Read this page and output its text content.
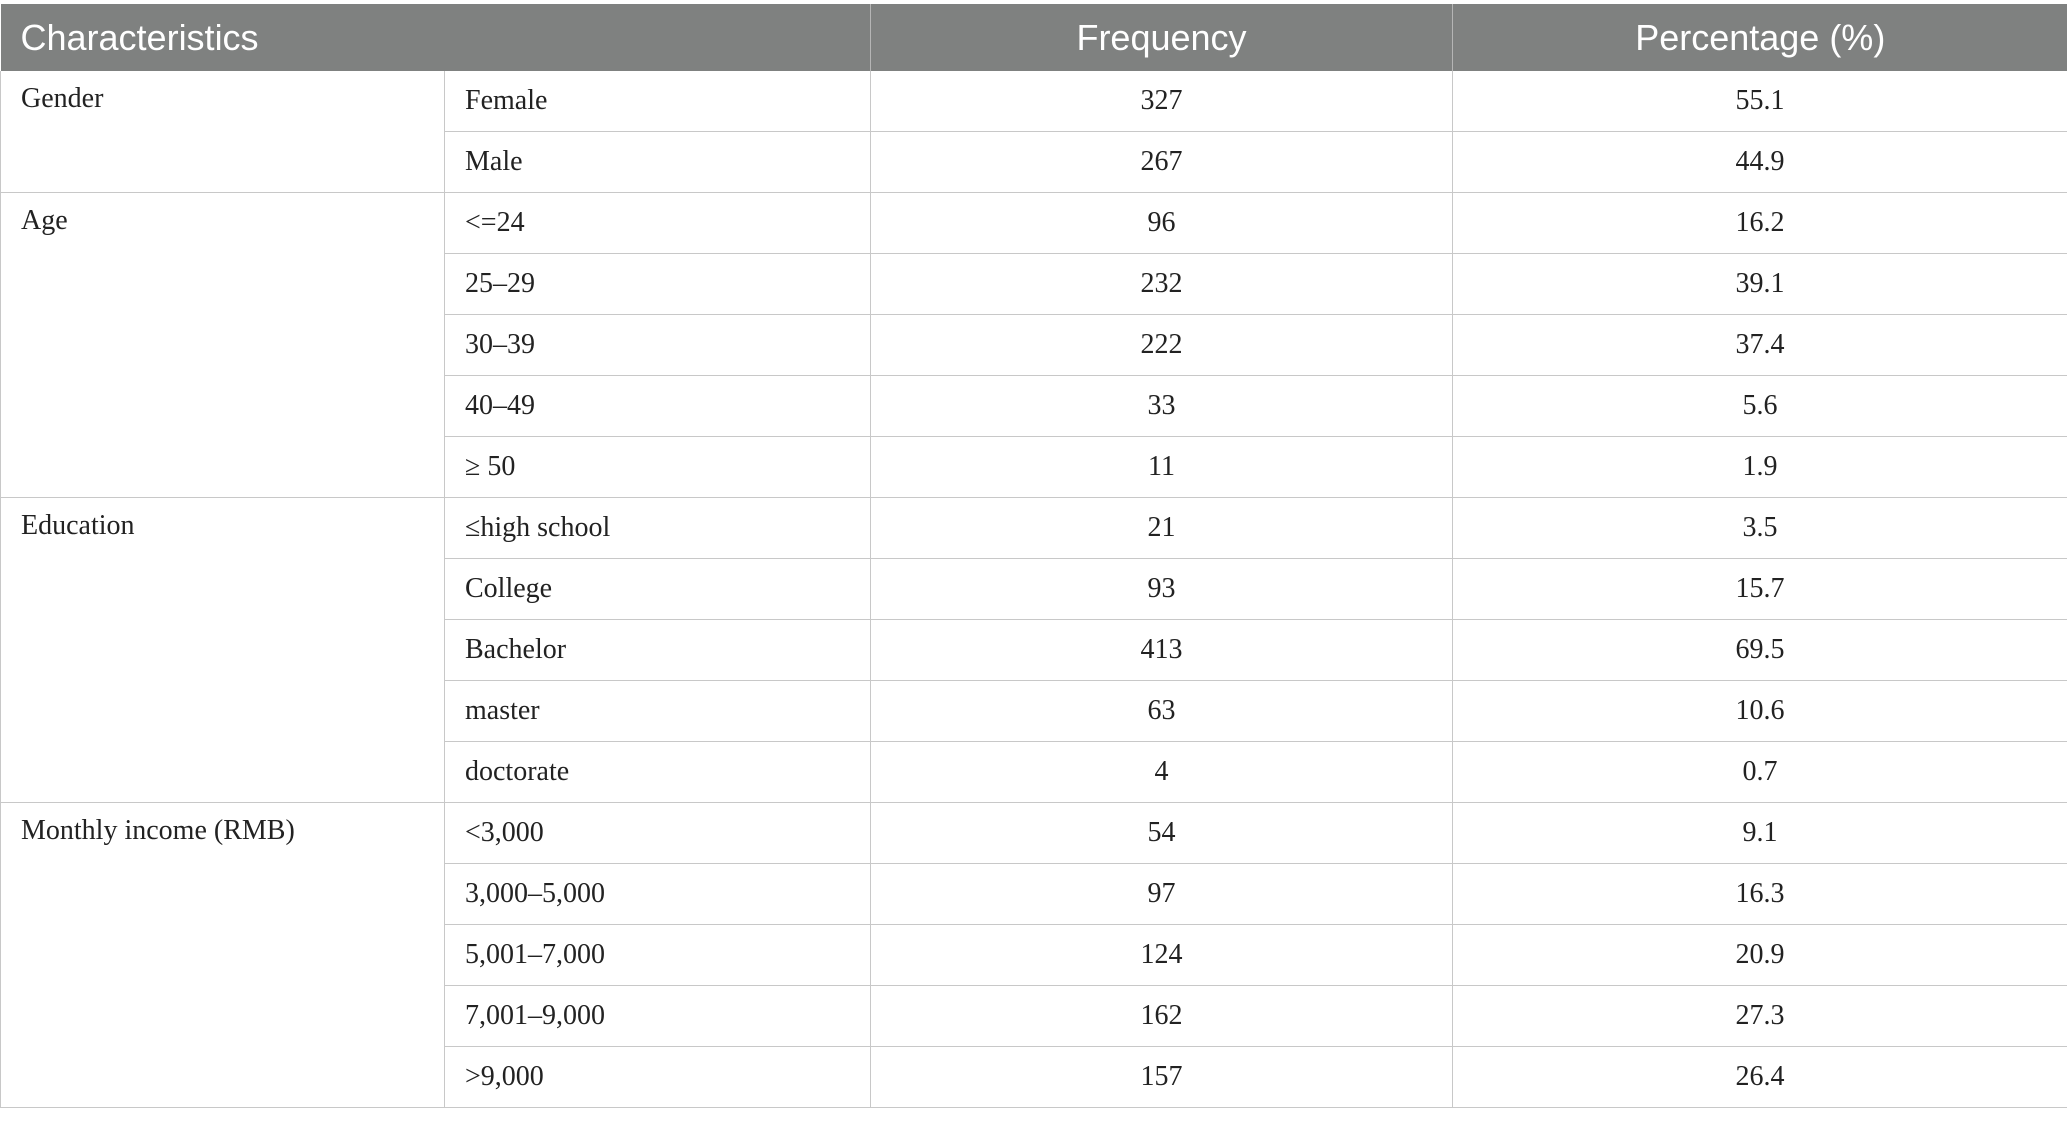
Characteristics		Frequency	Percentage (%)
Gender	Female	327	55.1
	Male	267	44.9
Age	<=24	96	16.2
	25–29	232	39.1
	30–39	222	37.4
	40–49	33	5.6
	≥ 50	11	1.9
Education	≤high school	21	3.5
	College	93	15.7
	Bachelor	413	69.5
	master	63	10.6
	doctorate	4	0.7
Monthly income (RMB)	<3,000	54	9.1
	3,000–5,000	97	16.3
	5,001–7,000	124	20.9
	7,001–9,000	162	27.3
	>9,000	157	26.4
